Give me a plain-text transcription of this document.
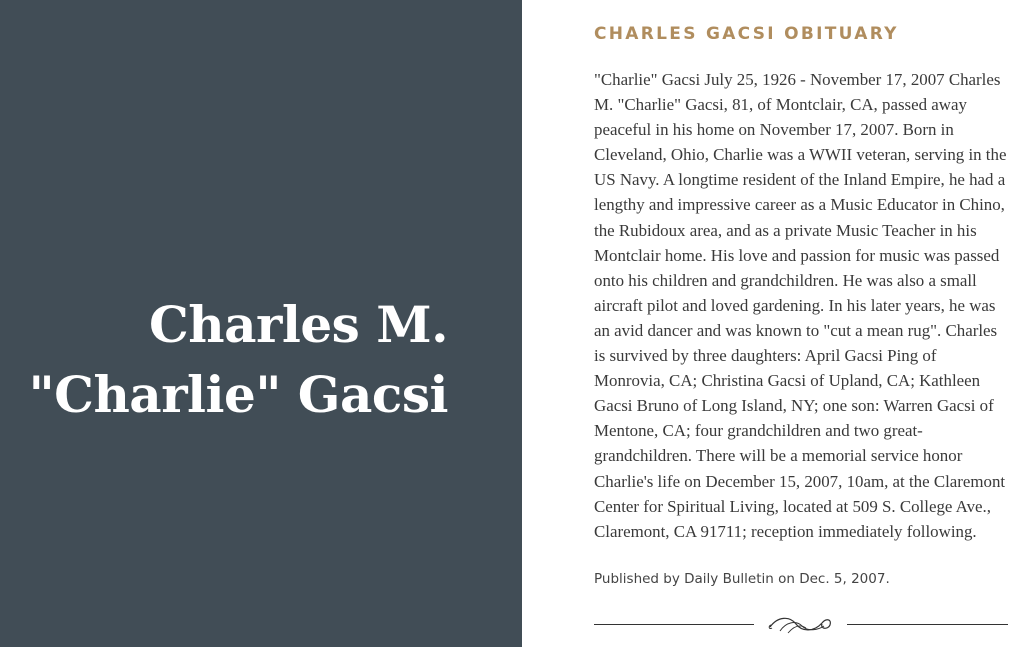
Charles M.
"Charlie" Gacsi
CHARLES GACSI OBITUARY

"Charlie" Gacsi July 25, 1926 - November 17, 2007 Charles M. "Charlie" Gacsi, 81, of Montclair, CA, passed away peaceful in his home on November 17, 2007. Born in Cleveland, Ohio, Charlie was a WWII veteran, serving in the US Navy. A longtime resident of the Inland Empire, he had a lengthy and impressive career as a Music Educator in Chino, the Rubidoux area, and as a private Music Teacher in his Montclair home. His love and passion for music was passed onto his children and grandchildren. He was also a small aircraft pilot and loved gardening. In his later years, he was an avid dancer and was known to "cut a mean rug". Charles is survived by three daughters: April Gacsi Ping of Monrovia, CA; Christina Gacsi of Upland, CA; Kathleen Gacsi Bruno of Long Island, NY; one son: Warren Gacsi of Mentone, CA; four grandchildren and two great-grandchildren. There will be a memorial service honor Charlie's life on December 15, 2007, 10am, at the Claremont Center for Spiritual Living, located at 509 S. College Ave., Claremont, CA 91711; reception immediately following.

Published by Daily Bulletin on Dec. 5, 2007.
